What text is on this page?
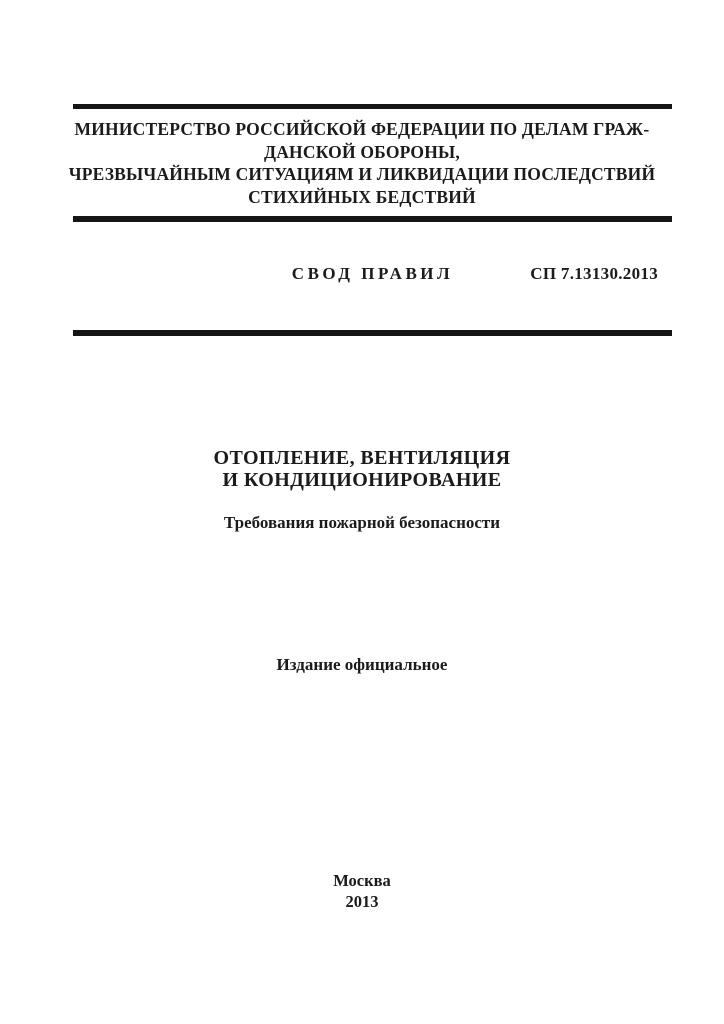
МИНИСТЕРСТВО РОССИЙСКОЙ ФЕДЕРАЦИИ ПО ДЕЛАМ ГРАЖ-
ДАНСКОЙ ОБОРОНЫ,
ЧРЕЗВЫЧАЙНЫМ СИТУАЦИЯМ И ЛИКВИДАЦИИ ПОСЛЕДСТВИЙ
СТИХИЙНЫХ БЕДСТВИЙ
СВОД ПРАВИЛ	СП 7.13130.2013
ОТОПЛЕНИЕ, ВЕНТИЛЯЦИЯ
И КОНДИЦИОНИРОВАНИЕ
Требования пожарной безопасности
Издание официальное
Москва
2013
